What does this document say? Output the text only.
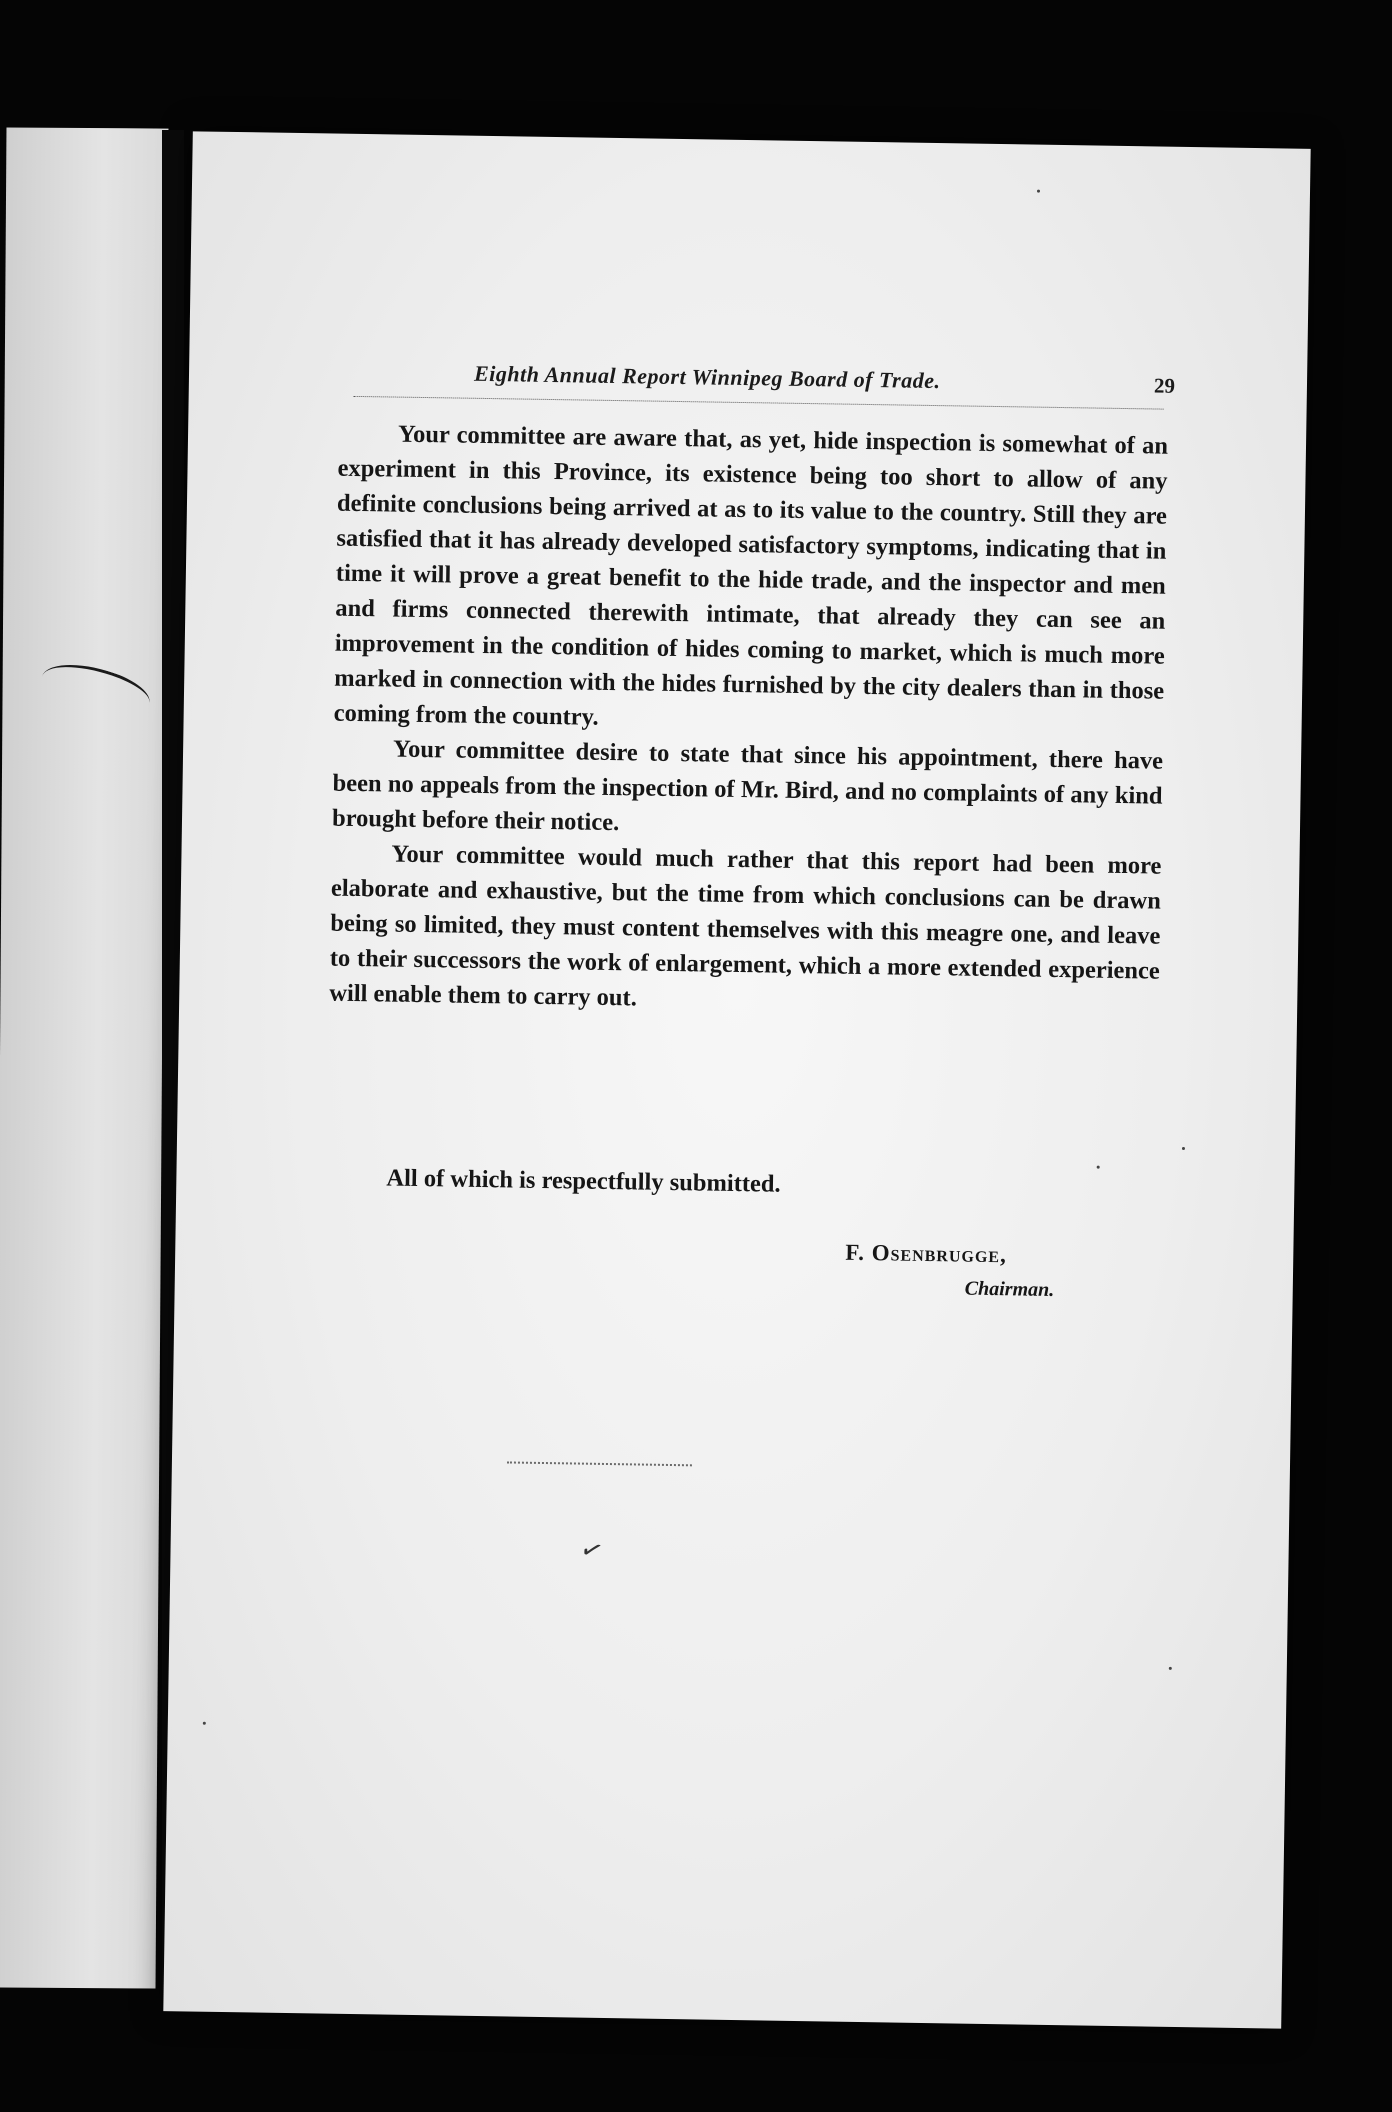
Eighth Annual Report Winnipeg Board of Trade.	29

Your committee are aware that, as yet, hide inspection is somewhat of an experiment in this Province, its existence being too short to allow of any definite conclusions being arrived at as to its value to the country. Still they are satisfied that it has already developed satisfactory symptoms, indicating that in time it will prove a great benefit to the hide trade, and the inspector and men and firms connected therewith intimate, that already they can see an improvement in the condition of hides coming to market, which is much more marked in connection with the hides furnished by the city dealers than in those coming from the country.

Your committee desire to state that since his appointment, there have been no appeals from the inspection of Mr. Bird, and no complaints of any kind brought before their notice.

Your committee would much rather that this report had been more elaborate and exhaustive, but the time from which conclusions can be drawn being so limited, they must content themselves with this meagre one, and leave to their successors the work of enlargement, which a more extended experience will enable them to carry out.

All of which is respectfully submitted.

F. Osenbrugge,
Chairman.
✓
